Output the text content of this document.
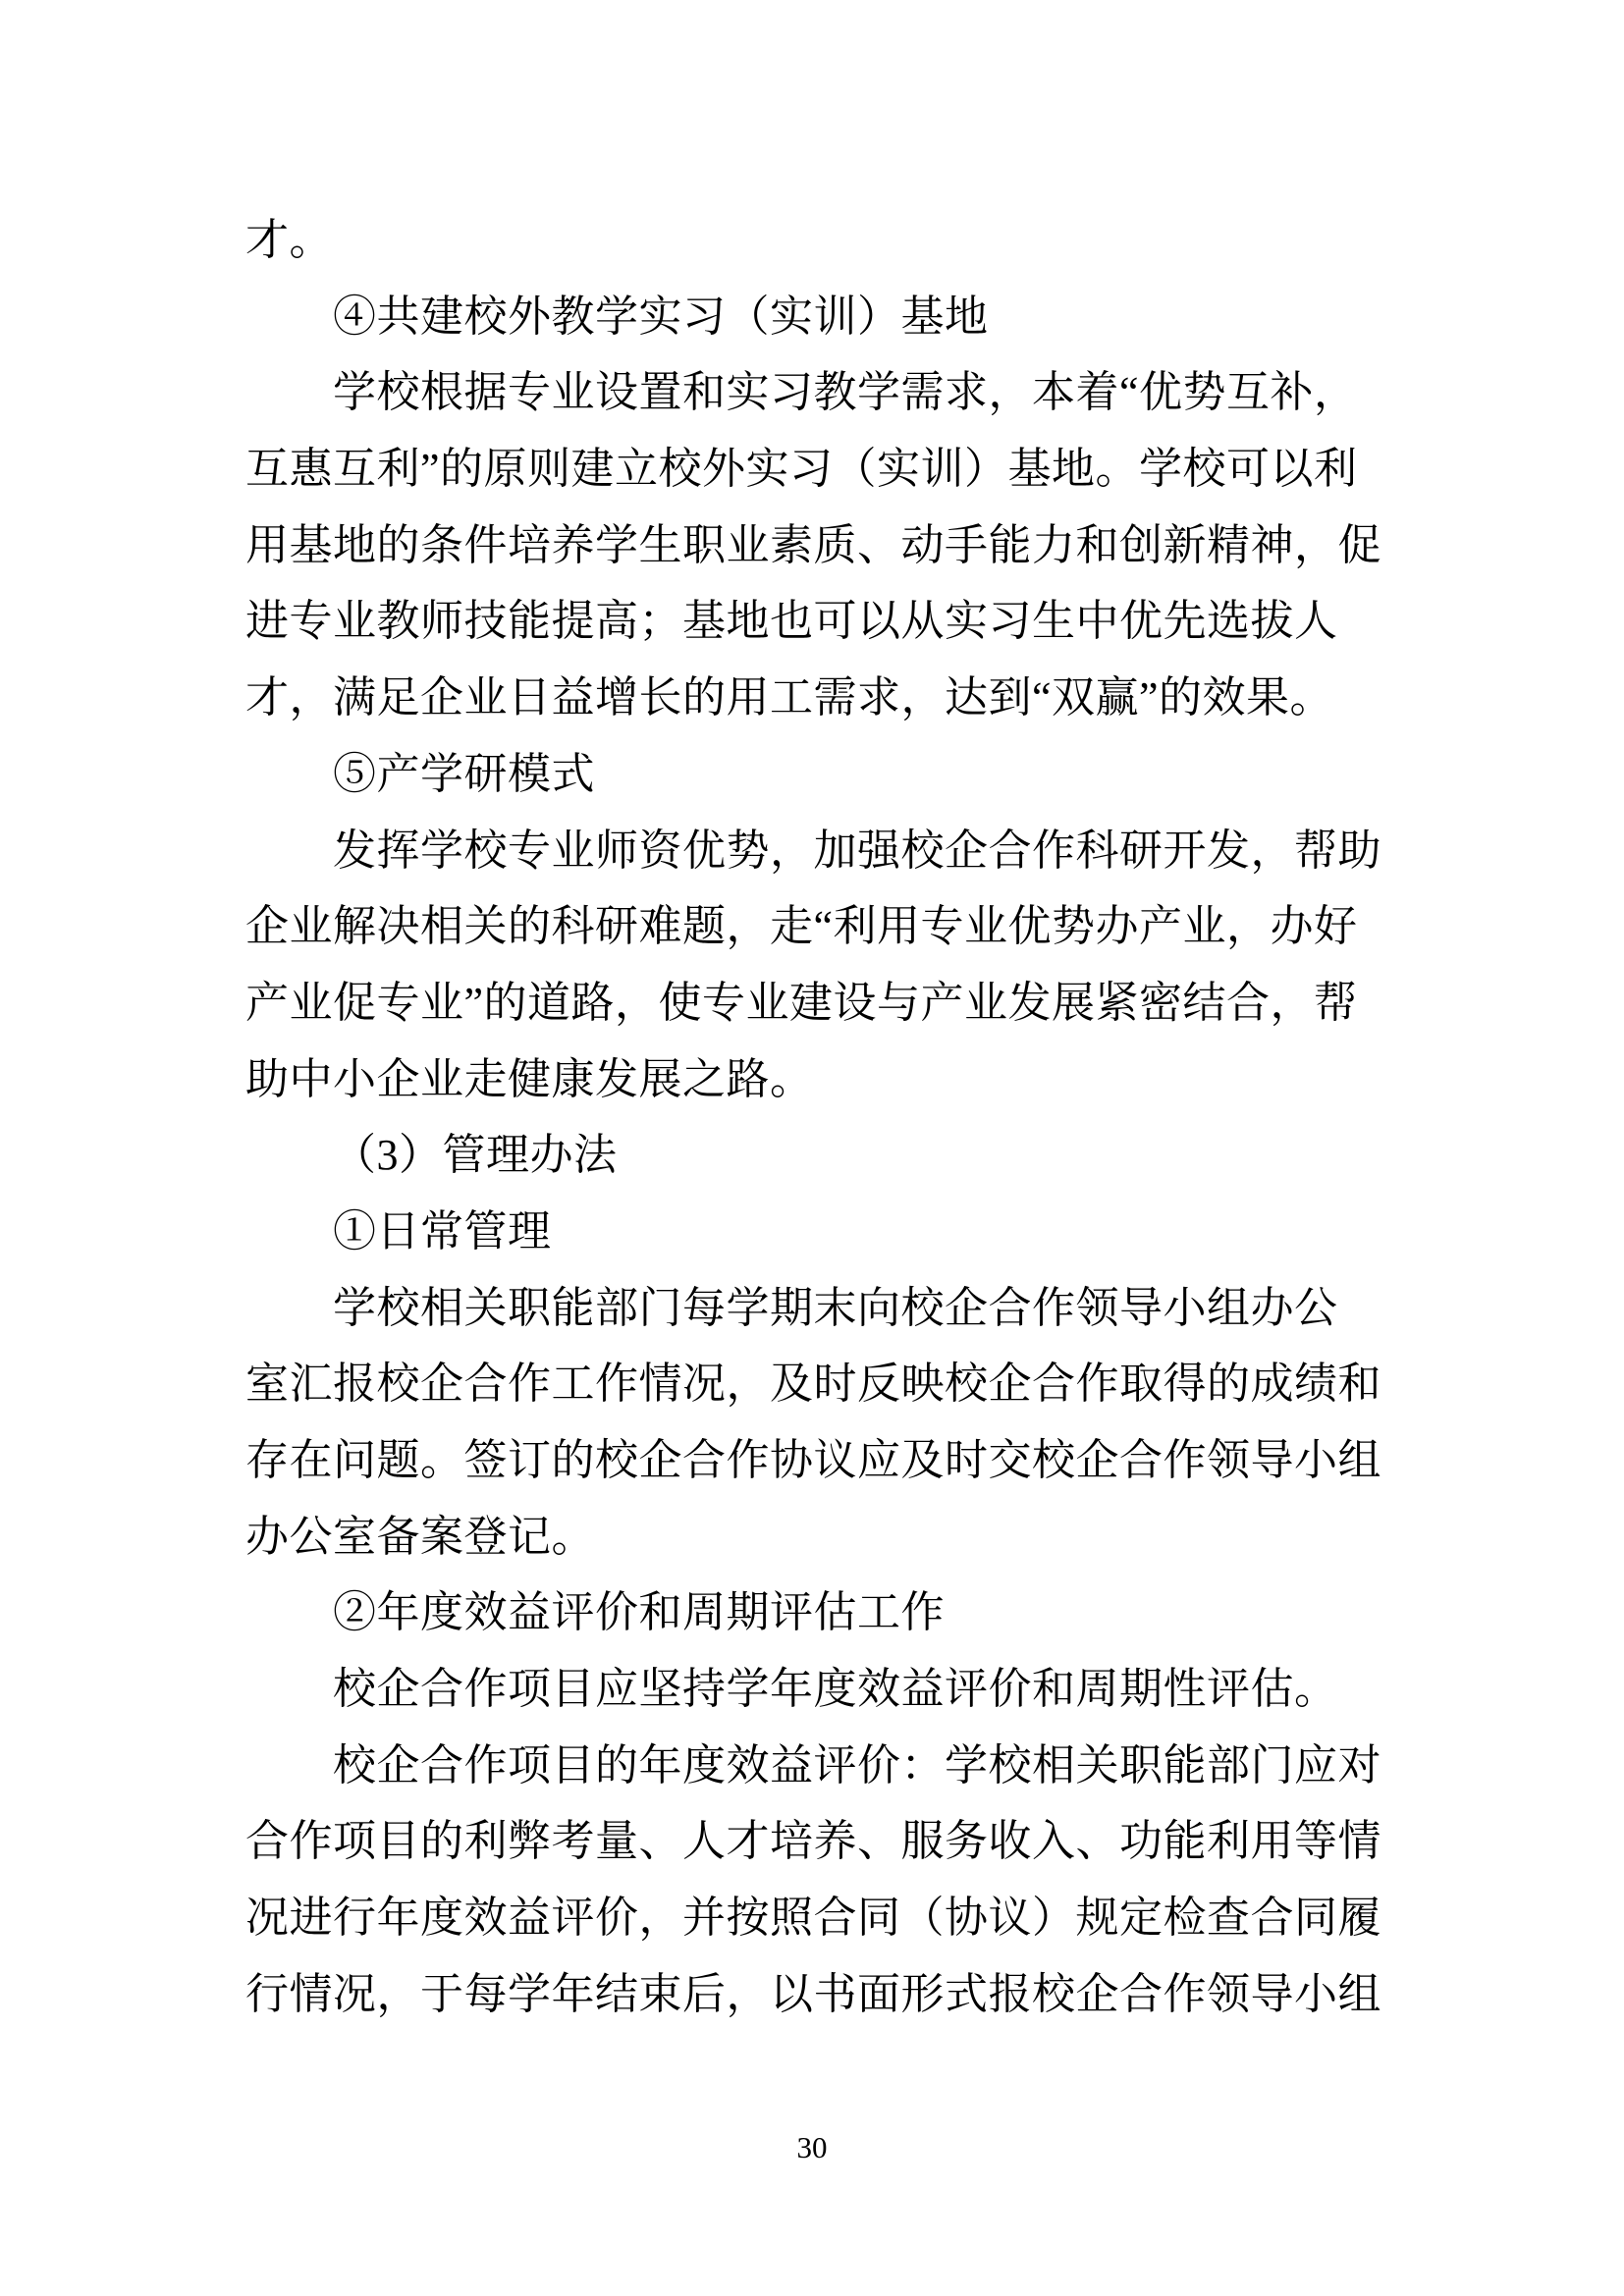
才。
④共建校外教学实习（实训）基地
学校根据专业设置和实习教学需求，本着“优势互补，
互惠互利”的原则建立校外实习（实训）基地。学校可以利
用基地的条件培养学生职业素质、动手能力和创新精神，促
进专业教师技能提高；基地也可以从实习生中优先选拔人
才，满足企业日益增长的用工需求，达到“双赢”的效果。
⑤产学研模式
发挥学校专业师资优势，加强校企合作科研开发，帮助
企业解决相关的科研难题，走“利用专业优势办产业，办好
产业促专业”的道路，使专业建设与产业发展紧密结合，帮
助中小企业走健康发展之路。
（3）管理办法
①日常管理
学校相关职能部门每学期末向校企合作领导小组办公
室汇报校企合作工作情况，及时反映校企合作取得的成绩和
存在问题。签订的校企合作协议应及时交校企合作领导小组
办公室备案登记。
②年度效益评价和周期评估工作
校企合作项目应坚持学年度效益评价和周期性评估。
校企合作项目的年度效益评价：学校相关职能部门应对
合作项目的利弊考量、人才培养、服务收入、功能利用等情
况进行年度效益评价，并按照合同（协议）规定检查合同履
行情况，于每学年结束后，以书面形式报校企合作领导小组
30
